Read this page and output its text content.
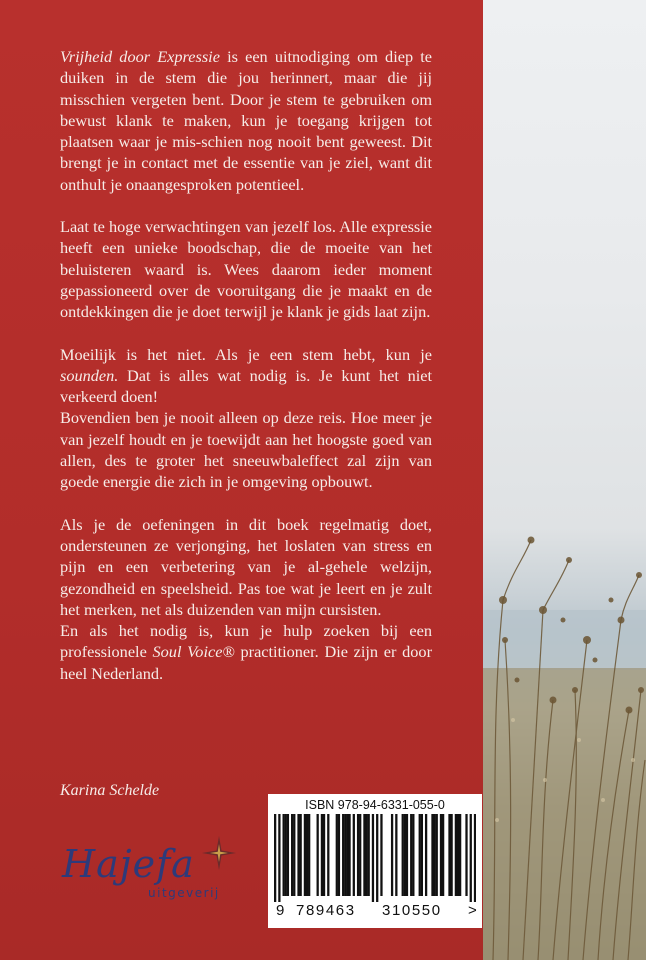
Vrijheid door Expressie is een uitnodiging om diep te duiken in de stem die jou herinnert, maar die jij misschien vergeten bent. Door je stem te gebruiken om bewust klank te maken, kun je toegang krijgen tot plaatsen waar je mis-schien nog nooit bent geweest. Dit brengt je in contact met de essentie van je ziel, want dit onthult je onaangesproken potentieel.

Laat te hoge verwachtingen van jezelf los. Alle expressie heeft een unieke boodschap, die de moeite van het beluisteren waard is. Wees daarom ieder moment gepassioneerd over de vooruitgang die je maakt en de ontdekkingen die je doet terwijl je klank je gids laat zijn.

Moeilijk is het niet. Als je een stem hebt, kun je sounden. Dat is alles wat nodig is. Je kunt het niet verkeerd doen!

Bovendien ben je nooit alleen op deze reis. Hoe meer je van jezelf houdt en je toewijdt aan het hoogste goed van allen, des te groter het sneeuwbaleffect zal zijn van goede energie die zich in je omgeving opbouwt.

Als je de oefeningen in dit boek regelmatig doet, ondersteunen ze verjonging, het loslaten van stress en pijn en een verbetering van je al-gehele welzijn, gezondheid en speelsheid. Pas toe wat je leert en je zult het merken, net als duizenden van mijn cursisten.

En als het nodig is, kun je hulp zoeken bij een professionele Soul Voice® practitioner. Die zijn er door heel Nederland.

Karina Schelde
Hajefa
uitgeverij
ISBN 978-94-6331-055-0
9 789463 310550 >
